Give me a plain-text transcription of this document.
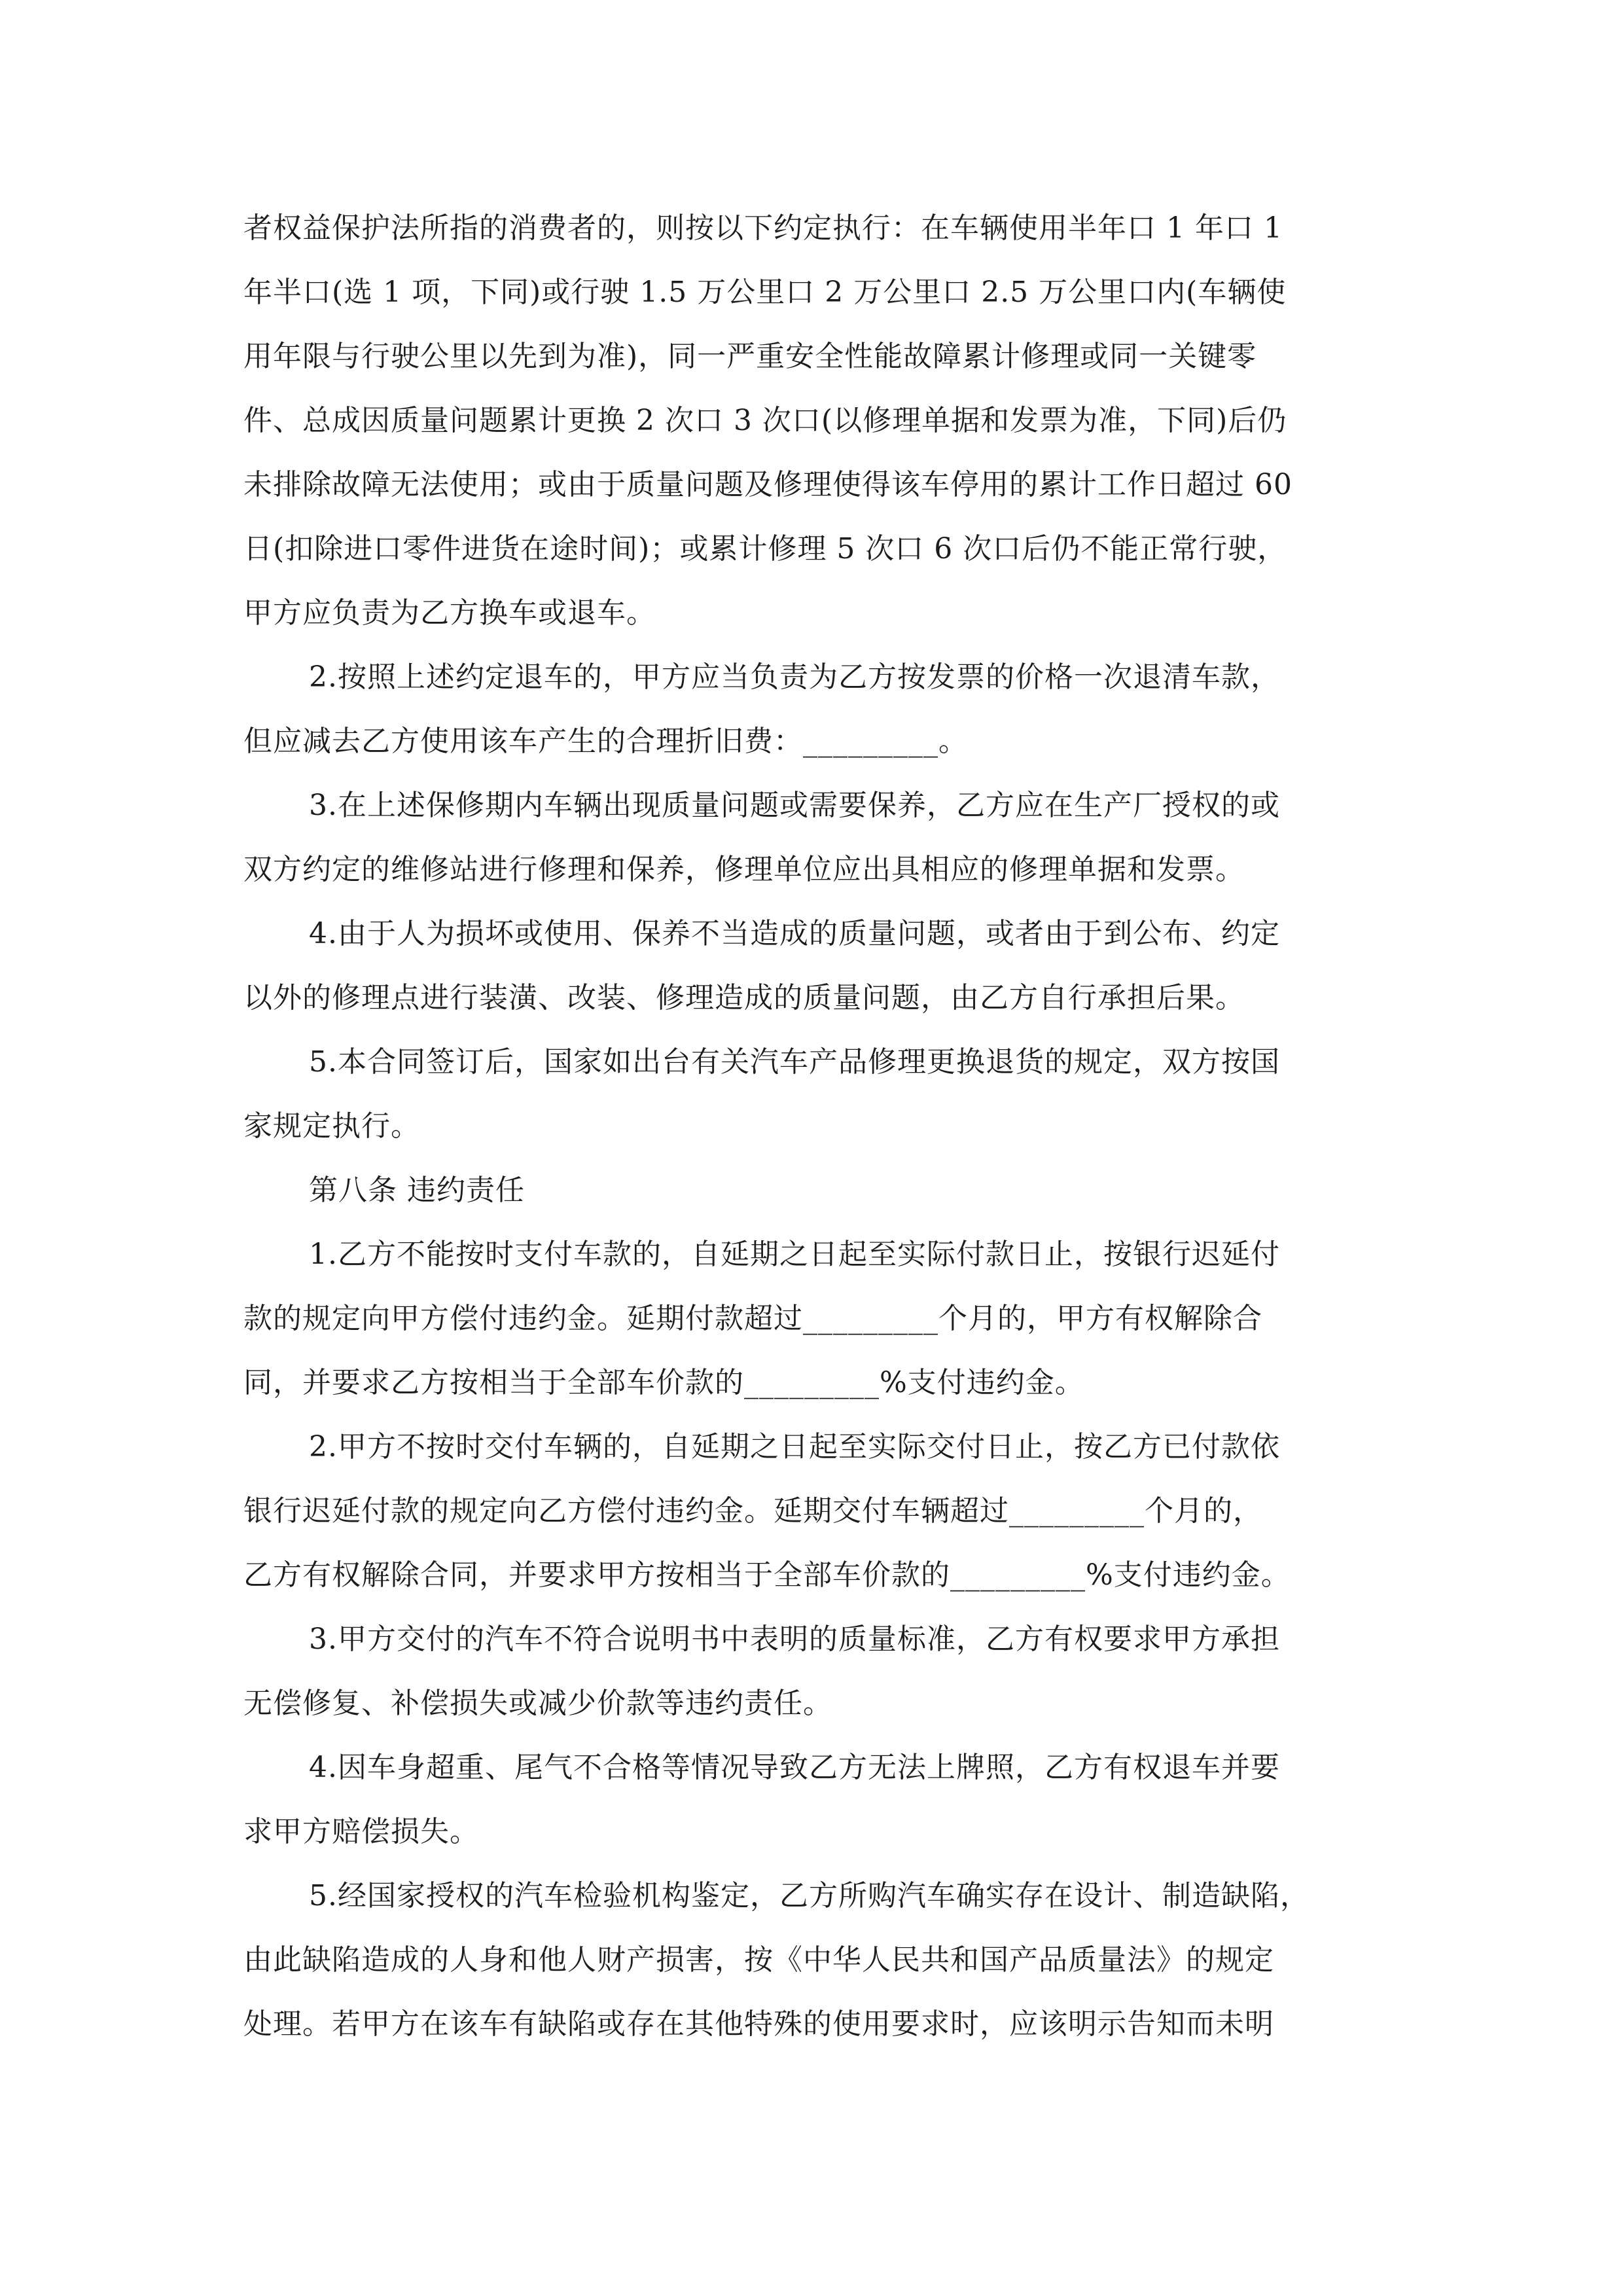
者权益保护法所指的消费者的，则按以下约定执行：在车辆使用半年口 1 年口 1
年半口(选 1 项，下同)或行驶 1.5 万公里口 2 万公里口 2.5 万公里口内(车辆使
用年限与行驶公里以先到为准)，同一严重安全性能故障累计修理或同一关键零
件、总成因质量问题累计更换 2 次口 3 次口(以修理单据和发票为准，下同)后仍
未排除故障无法使用；或由于质量问题及修理使得该车停用的累计工作日超过 60
日(扣除进口零件进货在途时间)；或累计修理 5 次口 6 次口后仍不能正常行驶，
甲方应负责为乙方换车或退车。
2.按照上述约定退车的，甲方应当负责为乙方按发票的价格一次退清车款，
但应减去乙方使用该车产生的合理折旧费：_________。
3.在上述保修期内车辆出现质量问题或需要保养，乙方应在生产厂授权的或
双方约定的维修站进行修理和保养，修理单位应出具相应的修理单据和发票。
4.由于人为损坏或使用、保养不当造成的质量问题，或者由于到公布、约定
以外的修理点进行装潢、改装、修理造成的质量问题，由乙方自行承担后果。
5.本合同签订后，国家如出台有关汽车产品修理更换退货的规定，双方按国
家规定执行。
第八条 违约责任
1.乙方不能按时支付车款的，自延期之日起至实际付款日止，按银行迟延付
款的规定向甲方偿付违约金。延期付款超过_________个月的，甲方有权解除合
同，并要求乙方按相当于全部车价款的_________%支付违约金。
2.甲方不按时交付车辆的，自延期之日起至实际交付日止，按乙方已付款依
银行迟延付款的规定向乙方偿付违约金。延期交付车辆超过_________个月的，
乙方有权解除合同，并要求甲方按相当于全部车价款的_________%支付违约金。
3.甲方交付的汽车不符合说明书中表明的质量标准，乙方有权要求甲方承担
无偿修复、补偿损失或减少价款等违约责任。
4.因车身超重、尾气不合格等情况导致乙方无法上牌照，乙方有权退车并要
求甲方赔偿损失。
5.经国家授权的汽车检验机构鉴定，乙方所购汽车确实存在设计、制造缺陷，
由此缺陷造成的人身和他人财产损害，按《中华人民共和国产品质量法》的规定
处理。若甲方在该车有缺陷或存在其他特殊的使用要求时，应该明示告知而未明
